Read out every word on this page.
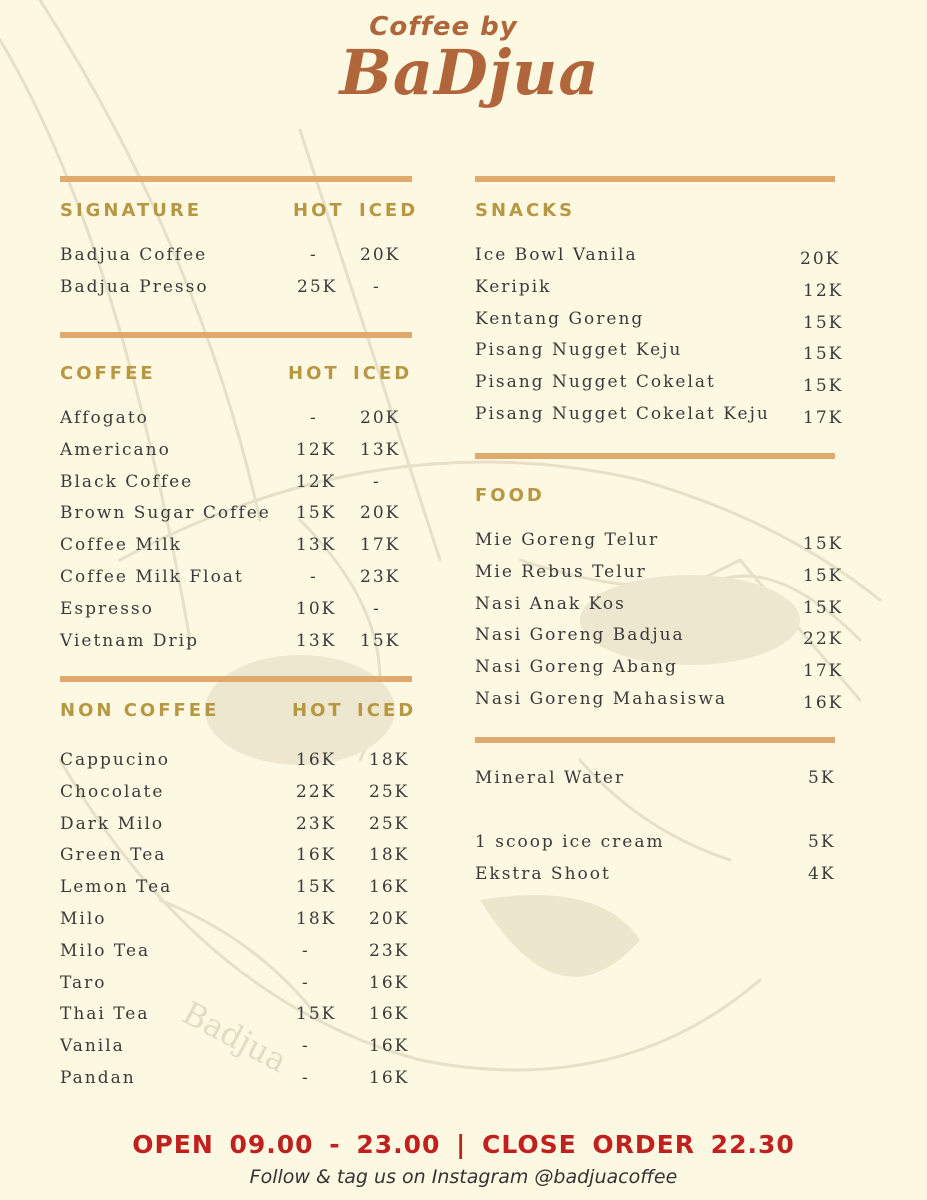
Badjua
Coffee by
BaDjua
SIGNATURE	HOT ICED
Badjua Coffee	- 20K
Badjua Presso	25K -
COFFEE	HOT ICED
Affogato	- 20K
Americano	12K 13K
Black Coffee	12K -
Brown Sugar Coffee 15K 20K
Coffee Milk	13K 17K
Coffee Milk Float	- 23K
Espresso	10K -
Vietnam Drip	13K 15K
NON COFFEE	HOT ICED
Cappucino	16K 18K
Chocolate	22K 25K
Dark Milo	23K 25K
Green Tea	16K 18K
Lemon Tea	15K 16K
Milo	18K 20K
Milo Tea	-	23K
Taro	-	16K
Thai Tea	15K 16K
Vanila	-	16K
Pandan	-	16K
SNACKS
Ice Bowl Vanila	20K
Keripik	12K
Kentang Goreng	15K
Pisang Nugget Keju	15K
Pisang Nugget Cokelat	15K
Pisang Nugget Cokelat Keju 17K
FOOD
Mie Goreng Telur	15K
Mie Rebus Telur	15K
Nasi Anak Kos	15K
Nasi Goreng Badjua	22K
Nasi Goreng Abang	17K
Nasi Goreng Mahasiswa	16K
Mineral Water	5K
1 scoop ice cream	5K
Ekstra Shoot	4K
OPEN 09.00 - 23.00 | CLOSE ORDER 22.30
Follow & tag us on Instagram @badjuacoffee
